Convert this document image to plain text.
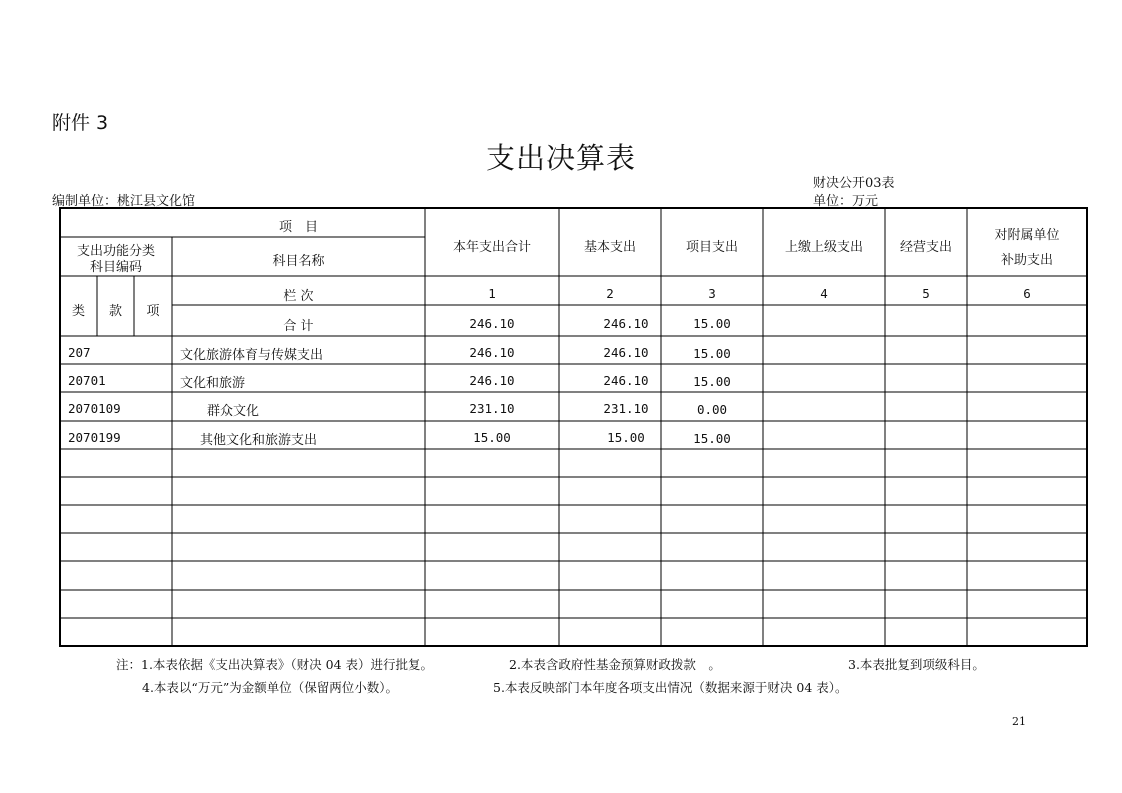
附件 3
支出决算表
财决公开03表
编制单位：桃江县文化馆	单位：万元
项　目
支出功能分类
科目编码	科目名称
本年支出合计	基本支出	项目支出	上缴上级支出	经营支出
对附属单位
补助支出
类	款	项
栏 次	1	2	3	4	5	6
合 计	246.10	246.10	15.00
207	文化旅游体育与传媒支出	246.10	246.10	15.00
20701	文化和旅游	246.10	246.10	15.00
2070109	群众文化	231.10	231.10	0.00
2070199	其他文化和旅游支出	15.00	15.00	15.00
注：1.本表依据《支出决算表》（财决 04 表）进行批复。	2.本表含政府性基金预算财政拨款　。	3.本表批复到项级科目。
4.本表以“万元”为金额单位（保留两位小数）。	5.本表反映部门本年度各项支出情况（数据来源于财决 04 表）。
21
